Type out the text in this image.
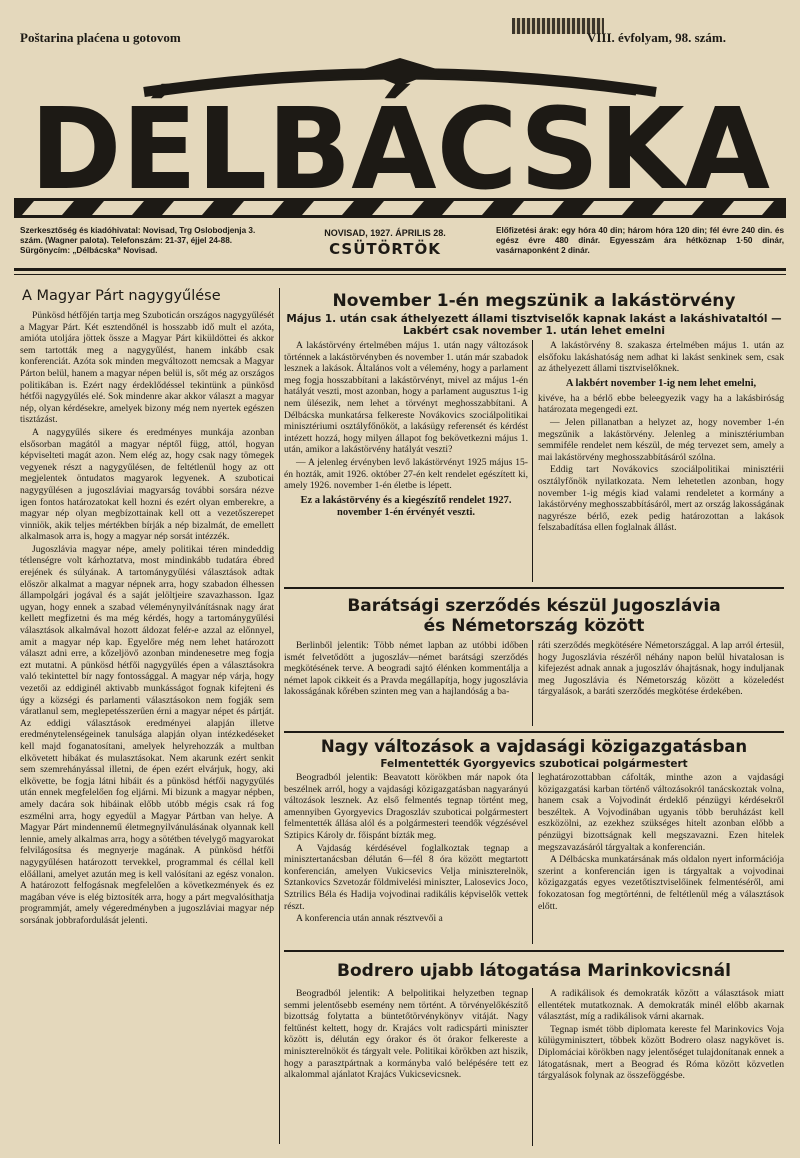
Poštarina plaćena u gotovom	VIII. évfolyam, 98. szám.
DÉLBÁCSKA
Szerkesztőség és kiadóhivatal: Novisad, Trg Oslobodjenja 3. szám. (Wagner palota). Telefonszám: 21-37, éjjel 24-88. Sürgönycím: „Délbácska“ Novisad.
NOVISAD, 1927. ÁPRILIS 28.
CSÜTÖRTÖK
Előfizetési árak: egy hóra 40 din; három hóra 120 din; fél évre 240 din. és egész évre 480 dinár. Egyesszám ára hétköznap 1·50 dinár, vasárnaponként 2 dinár.
A Magyar Párt nagygyűlése

Pünkösd hétfőjén tartja meg Szuboticán országos nagygyűlését a Magyar Párt. Két esztendőnél is hosszabb idő mult el azóta, amióta utoljára jöttek össze a Magyar Párt kiküldöttei és akkor sem tartották meg a nagygyűlést, hanem inkább csak konferenciát. Azóta sok minden megváltozott nemcsak a Magyar Párton belül, hanem a magyar népen belül is, sőt még az országos politikában is. Ezért nagy érdeklődéssel tekintünk a pünkösd hétfői nagygyűlés elé. Sok mindenre akar akkor választ a magyar nép, olyan kérdésekre, amelyek bizony még nem nyertek egészen tisztázást.

A nagygyűlés sikere és eredményes munkája azonban elsősorban magától a magyar néptől függ, attól, hogyan képviselteti magát azon. Nem elég az, hogy csak nagy tömegek vegyenek részt a nagygyűlésen, de feltétlenül hogy az ott megjelentek öntudatos magyarok legyenek. A szuboticai nagygyűlésen a jugoszláviai magyarság további sorsára nézve igen fontos határozatokat kell hozni és ezért olyan emberekre, a magyar nép olyan megbízottainak kell ott a vezetőszerepet vinniök, akik teljes mértékben bírják a nép bizalmát, de emellett alkalmasok arra is, hogy a magyar nép sorsát intézzék.

Jugoszlávia magyar népe, amely politikai téren mindeddig tétlenségre volt kárhoztatva, most mindinkább tudatára ébred erejének és súlyának. A tartománygyűlési választások adtak először alkalmat a magyar népnek arra, hogy szabadon élhessen állampolgári jogával és a saját jelöltjeire szavazhasson. Igaz ugyan, hogy ennek a szabad véleménynyilvánításnak nagy árat kellett megfizetni és ma még kérdés, hogy a tartománygyűlési választások alkalmával hozott áldozat felér-e azzal az előnnyel, amit a magyar nép kap. Egyelőre még nem lehet határozott választ adni erre, a kőzeljövő azonban mindenesetre meg fogja ezt mutatni. A pünkösd hétfői nagygyűlés épen a választásokra való tekintettel bír nagy fontossággal. A magyar nép várja, hogy vezetői az eddiginél aktivabb munkásságot fognak kifejteni és úgy a községi és parlamenti választásokon nem fogják sem váratlanul sem, meglepetésszerűen érni a magyar népet és pártját. Az eddigi választások eredményei alapján illetve eredménytelenségeinek tanulsága alapján olyan intézkedéseket kell majd foganatosítani, amelyek helyrehozzák a multban elkövetett hibákat és mulasztásokat. Nem akarunk ezért senkit sem szemrehányással illetni, de épen ezért elvárjuk, hogy, aki elkövette, be fogja látni hibáit és a pünkösd hétfői nagygyűlés után ennek megfelelően fog eljárni. Mi bizunk a magyar népben, amely dacára sok hibáinak előbb utóbb mégis csak rá fog eszmélni arra, hogy egyedül a Magyar Pártban van helye. A Magyar Párt mindennemű életmegnyilvánulásának olyannak kell lennie, amely alkalmas arra, hogy a sötétben tévelygő magyarokat felvilágosítsa és megnyerje magának. A pünkösd hétfői nagygyűlésen határozott tervekkel, programmal és céllal kell előállani, amelyet azután meg is kell valósítani az egész vonalon. A határozott felfogásnak megfelelően a következmények és ez magában véve is elég biztosíték arra, hogy a párt megvalósíthatja programmját, amely végeredményben a jugoszláviai magyar nép sorsának jobbrafordulását jelenti.

November 1-én megszünik a lakástörvény
Május 1. után csak áthelyezett állami tisztviselők kapnak lakást a lakáshivataltól — Lakbért csak november 1. után lehet emelni

A lakástörvény értelmében május 1. után nagy változások történnek a lakástörvényben és november 1. után már szabadok lesznek a lakások. Általános volt a vélemény, hogy a parlament meg fogja hosszabbítani a lakástörvényt, mivel az május 1-én hatályát veszti, most azonban, hogy a parlament augusztus 1-ig nem ülésezik, nem lehet a törvényt meghosszabbítani. A Délbácska munkatársa felkereste Novákovics szociálpolitikai minisztériumi osztályfőnököt, a lakásügy referensét és kérdést intézett hozzá, hogy milyen állapot fog bekövetkezni május 1. után, amikor a lakástörvény hatályát veszti?

— A jelenleg érvényben levő lakástörvényt 1925 május 15-én hozták, amit 1926. október 27-én kelt rendelet egészített ki, amely 1926. november 1-én életbe is lépett.

Ez a lakástörvény és a kiegészítő rendelet 1927. november 1-én érvényét veszti.

A lakástörvény 8. szakasza értelmében május 1. után az elsőfoku lakáshatóság nem adhat ki lakást senkinek sem, csak az áthelyezett állami tisztviselőknek.

A lakbért november 1-ig nem lehet emelni,

kivéve, ha a bérlő ebbe beleegyezik vagy ha a lakásbiróság határozata megengedi ezt.

— Jelen pillanatban a helyzet az, hogy november 1-én megszűnik a lakástörvény. Jelenleg a minisztériumban semmiféle rendelet nem készül, de még tervezet sem, amely a mai lakástörvény meghosszabbításáról szólna.

Eddig tart Novákovics szociálpolitikai minisztérii osztályfőnök nyilatkozata. Nem lehetetlen azonban, hogy november 1-ig mégis kiad valami rendeletet a kormány a lakástörvény meghosszabbításáról, mert az ország lakosságának nagyrésze bérlő, ezek pedig határozottan a lakások felszabadítása ellen foglalnak állást.

Barátsági szerződés készül Jugoszlávia
és Németország között

Berlinből jelentik: Több német lapban az utóbbi időben ismét felvetődött a jugoszláv—német barátsági szerződés megkötésének terve. A beogradi sajtó élénken kommentálja a német lapok cikkeit és a Pravda megállapítja, hogy jugoszlávia lakosságának kőrében szinten meg van a hajlandóság a ba-

ráti szerződés megkötésére Németországgal. A lap arról értesül, hogy Jugoszlávia részéről néhány napon belül hivatalosan is kifejezést adnak annak a jugoszláv óhajtásnak, hogy induljanak meg Jugoszlávia és Németország között a közeledést tárgyalások, a baráti szerződés megkötése érdekében.

Nagy változások a vajdasági közigazgatásban
Felmentették Gyorgyevics szuboticai polgármestert

Beogradból jelentik: Beavatott körökben már napok óta beszélnek arról, hogy a vajdasági közigazgatásban nagyarányú változások lesznek. Az első felmentés tegnap történt meg, amennyiben Gyorgyevics Dragoszláv szuboticai polgármestert felmentették állása alól és a polgármesteri teendők végzésével Sztipics Károly dr. főispánt bízták meg.

A Vajdaság kérdésével foglalkoztak tegnap a minisztertanácsban délután 6—fél 8 óra között megtartott konferencián, amelyen Vukicsevics Velja miniszterelnök, Sztankovics Szvetozár földmivelési miniszter, Lalosevics Joco, Sztrilics Béla és Hadija vojvodinai radikális képviselők vettek részt.

A konferencia után annak résztvevői a

leghatározottabban cáfolták, minthe azon a vajdasági közigazgatási karban történő változásokról tanácskoztak volna, hanem csak a Vojvodinát érdeklő pénzügyi kérdésekről beszéltek. A Vojvodinában ugyanis több beruházást kell eszközölni, az ezekhez szükséges hitelt azonban előbb a pénzügyi bizottságnak kell megszavazni. Ezen hitelek megszavazásáról tárgyaltak a konferencián.

A Délbácska munkatársának más oldalon nyert információja szerint a konferencián igen is tárgyaltak a vojvodinai közigazgatás egyes vezetőtisztviselőinek felmentéséről, ami fokozatosan fog megtörténni, de feltétlenül még a választások előtt.

Bodrero ujabb látogatása Marinkovicsnál

Beogradból jelentik: A belpolitikai helyzetben tegnap semmi jelentősebb esemény nem történt. A törvényelőkészítő bizottság folytatta a büntetőtörvénykönyv vitáját. Nagy feltűnést keltett, hogy dr. Krajács volt radicspárti miniszter között is, délután egy órakor és öt órakor felkereste a miniszterelnököt és tárgyalt vele. Politikai körökben azt hiszik, hogy a parasztpártnak a kormányba való belépésére tett ez alkalommal ajánlatot Krajács Vukicsevicsnek.

A radikálisok és demokraták között a választások miatt ellentétek mutatkoznak. A demokraták minél előbb akarnak választást, míg a radikálisok várni akarnak.

Tegnap ismét több diplomata kereste fel Marinkovics Voja külügyminisztert, többek között Bodrero olasz nagykövet is. Diplomáciai körökben nagy jelentőséget tulajdonítanak ennek a látogatásnak, mert a Beograd és Róma között közvetlen tárgyalások folynak az összeföggésbe.
